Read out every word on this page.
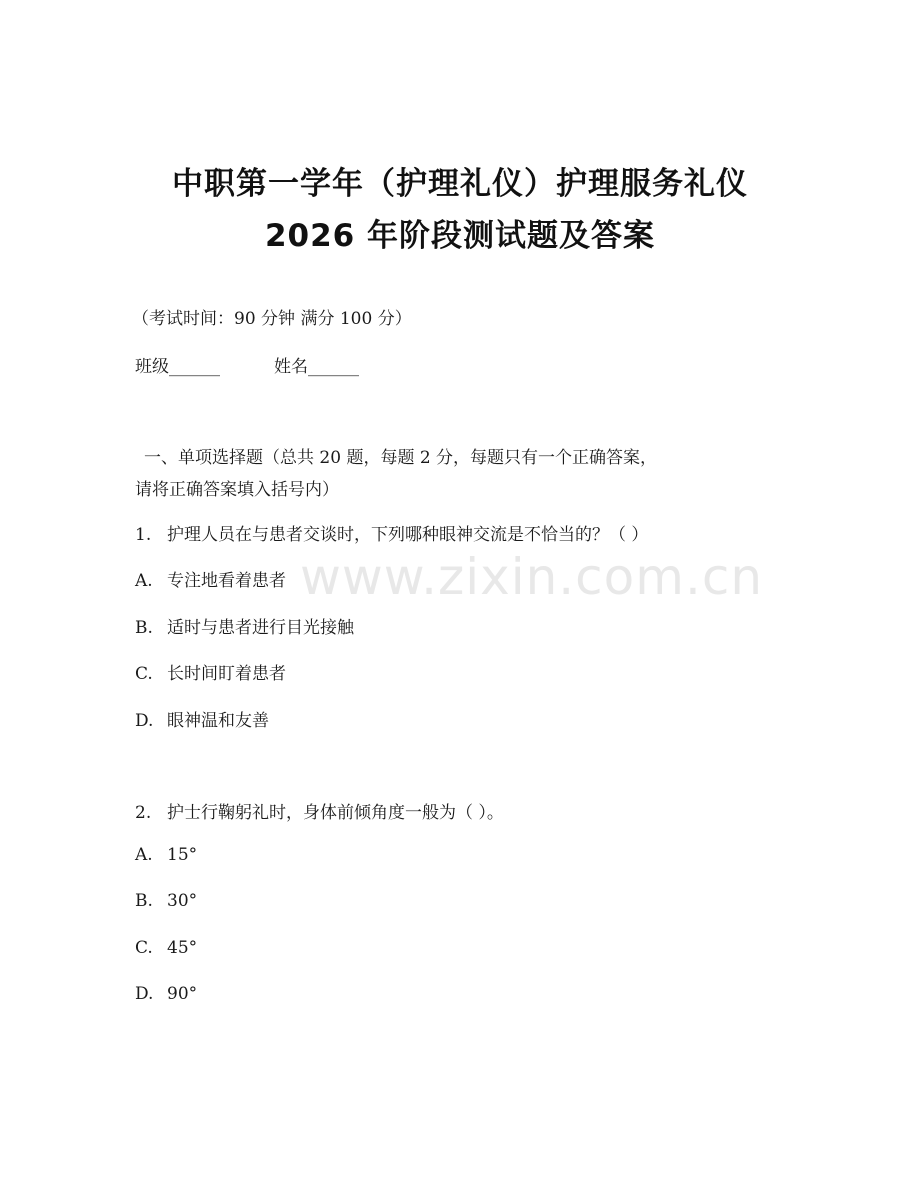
中职第一学年（护理礼仪）护理服务礼仪
2026 年阶段测试题及答案
（考试时间：90 分钟 满分 100 分）
班级______	姓名______
一、单项选择题（总共 20 题，每题 2 分，每题只有一个正确答案，
请将正确答案填入括号内）
1. 护理人员在与患者交谈时，下列哪种眼神交流是不恰当的？（ ）
A. 专注地看着患者
B. 适时与患者进行目光接触
C. 长时间盯着患者
D. 眼神温和友善
2. 护士行鞠躬礼时，身体前倾角度一般为（ ）。
A. 15°
B. 30°
C. 45°
D. 90°
www.zixin.com.cn
